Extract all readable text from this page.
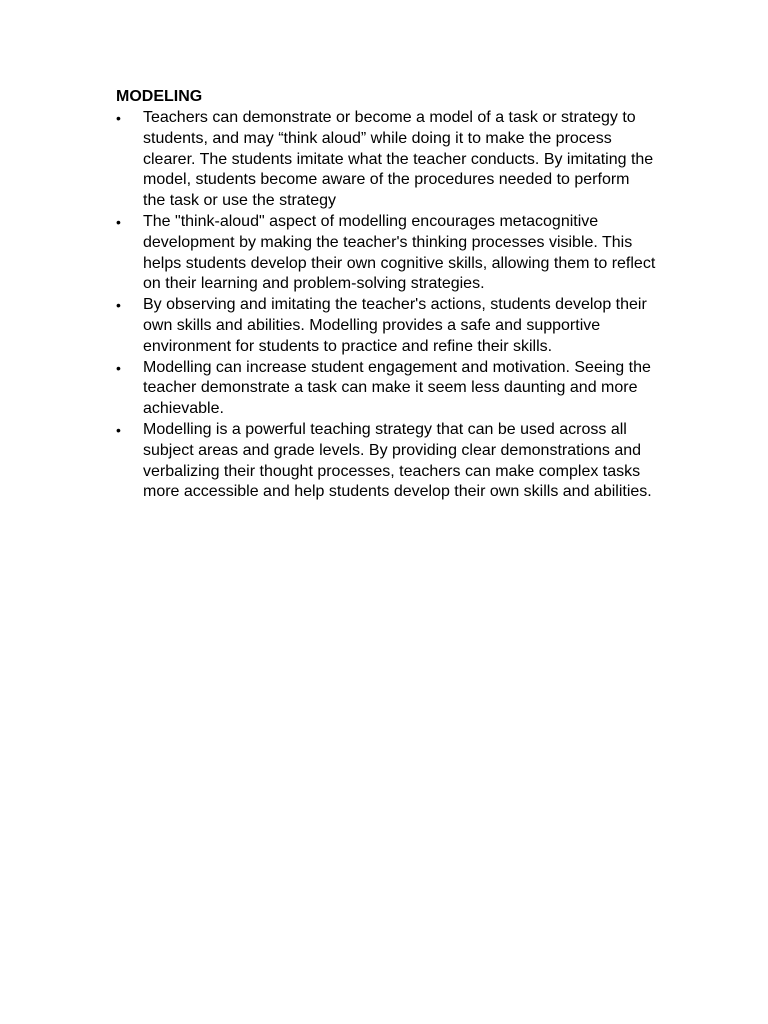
MODELING

•	Teachers can demonstrate or become a model of a task or strategy to students, and may “think aloud” while doing it to make the process clearer. The students imitate what the teacher conducts. By imitating the model, students become aware of the procedures needed to perform the task or use the strategy
•	The "think-aloud" aspect of modelling encourages metacognitive development by making the teacher's thinking processes visible. This helps students develop their own cognitive skills, allowing them to reflect on their learning and problem-solving strategies.
•	By observing and imitating the teacher's actions, students develop their own skills and abilities. Modelling provides a safe and supportive environment for students to practice and refine their skills.
•	Modelling can increase student engagement and motivation. Seeing the teacher demonstrate a task can make it seem less daunting and more achievable.
•	Modelling is a powerful teaching strategy that can be used across all subject areas and grade levels. By providing clear demonstrations and verbalizing their thought processes, teachers can make complex tasks more accessible and help students develop their own skills and abilities.
